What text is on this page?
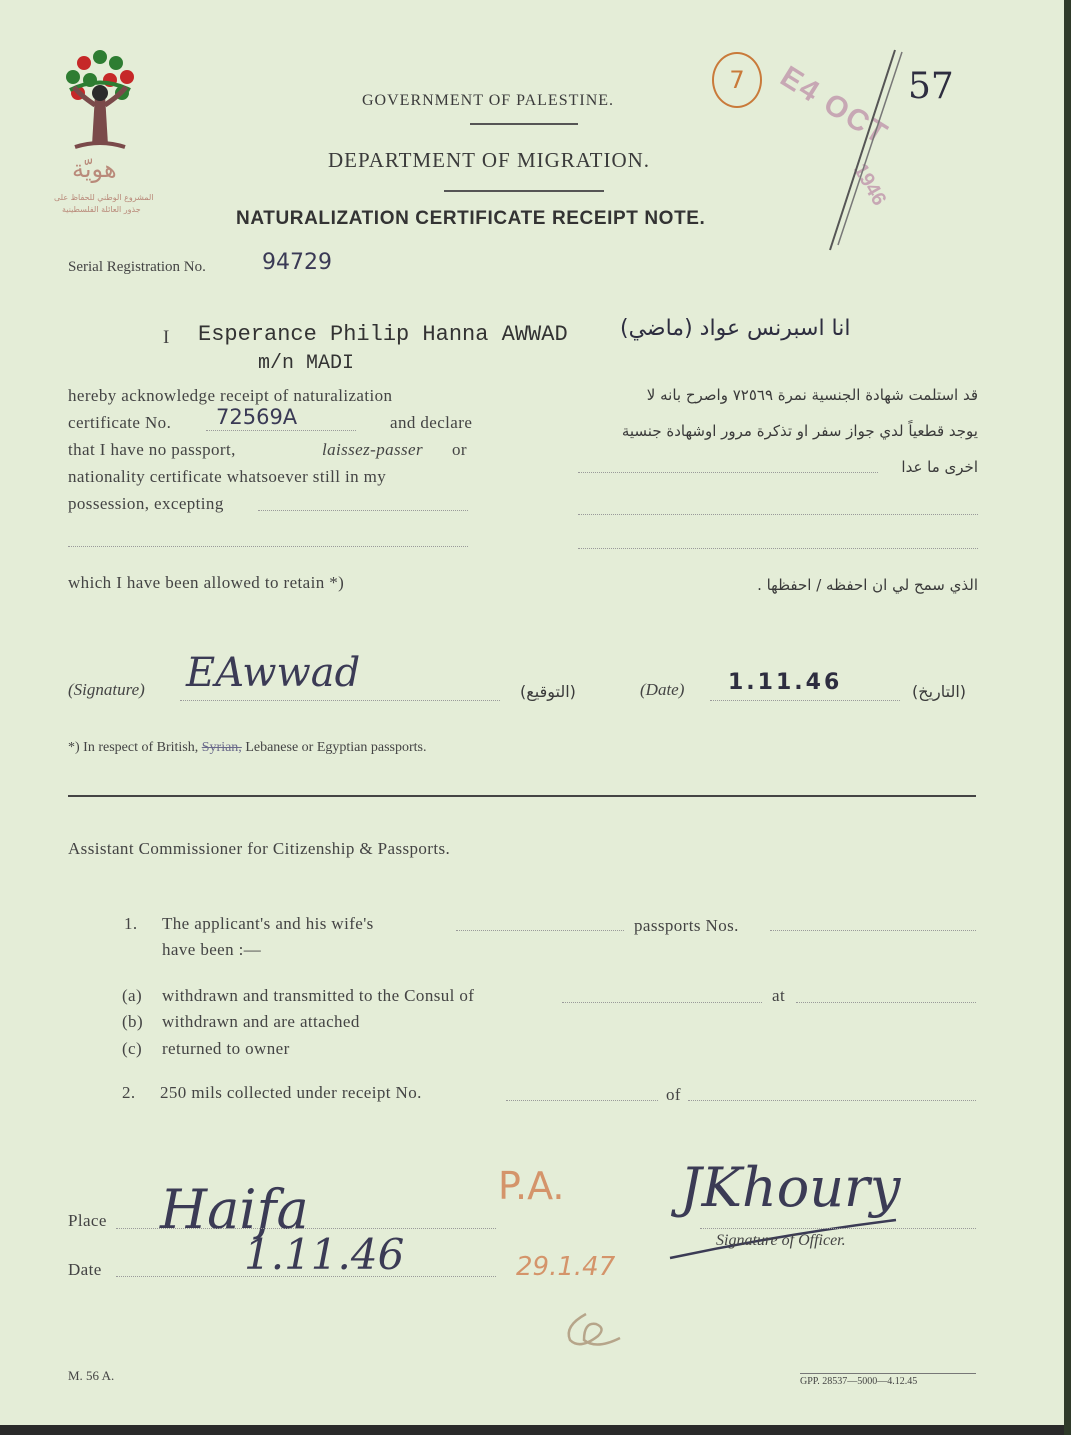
هويّة
المشروع الوطني للحفاظ على
جذور العائلة الفلسطينية
GOVERNMENT OF PALESTINE.
DEPARTMENT OF MIGRATION.
NATURALIZATION CERTIFICATE RECEIPT NOTE.
7 E4 OCT
1946
57
Serial Registration No.	94729
I Esperance Philip Hanna AWWAD
m/n MADI
انا اسبرنس عواد (ماضي)
hereby acknowledge receipt of naturalization
certificate No. 72569A	and declare
that I have no passport,	laissez-passer or
nationality certificate whatsoever still in my
possession, excepting
which I have been allowed to retain *)
قد استلمت شهادة الجنسية نمرة ٧٢٥٦٩ واصرح بانه لا
يوجد قطعياً لدي جواز سفر او تذكرة مرور اوشهادة جنسية
اخرى ما عدا
الذي سمح لي ان احفظه / احفظها .
(Signature) EAwwad	(التوقيع)	(Date) 1.11.46	(التاريخ)
*) In respect of British, Syrian, Lebanese or Egyptian passports.
Assistant Commissioner for Citizenship & Passports.
1. The applicant's and his wife's	passports Nos.
have been :—
(a) withdrawn and transmitted to the Consul of	at
(b) withdrawn and are attached
(c) returned to owner
2. 250 mils collected under receipt No.	of
Place Haifa
Date	1.11.46
P.A.
29.1.47
JKhoury
Signature of Officer.
M. 56 A.	GPP. 28537—5000—4.12.45
